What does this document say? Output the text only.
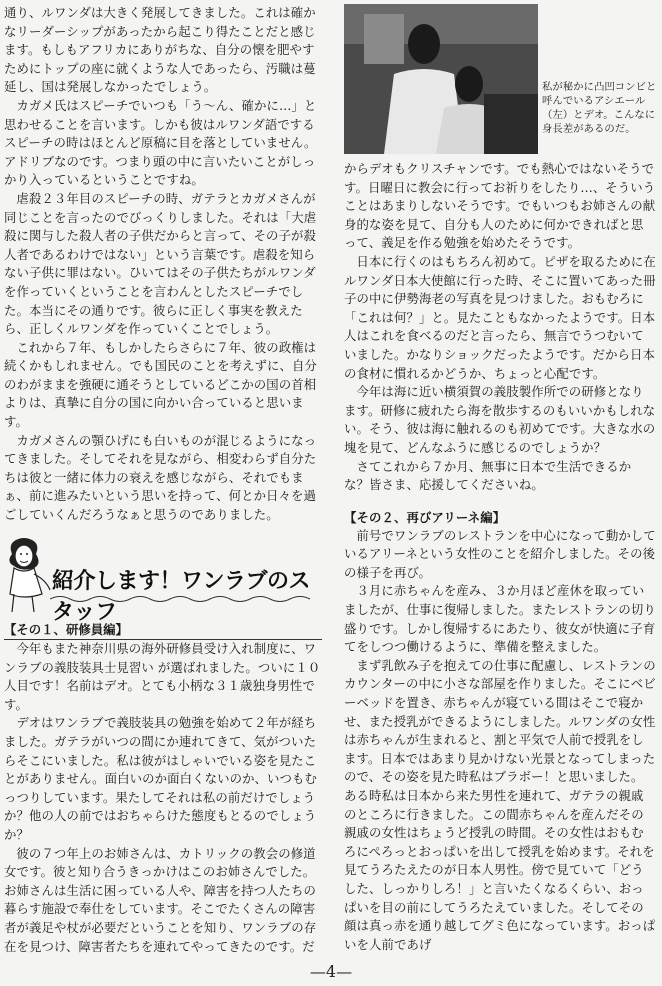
通り、ルワンダは大きく発展してきました。これは確かなリーダーシップがあったから起こり得たことだと感じます。もしもアフリカにありがちな、自分の懐を肥やすためにトップの座に就くような人であったら、汚職は蔓延し、国は発展しなかったでしょう。

カガメ氏はスピーチでいつも「う〜ん、確かに…」と思わせることを言います。しかも彼はルワンダ語でするスピーチの時はほとんど原稿に目を落としていません。アドリブなのです。つまり頭の中に言いたいことがしっかり入っているということですね。

虐殺２３年目のスピーチの時、ガテラとカガメさんが同じことを言ったのでびっくりしました。それは「大虐殺に関与した殺人者の子供だからと言って、その子が殺人者であるわけではない」という言葉です。虐殺を知らない子供に罪はない。ひいてはその子供たちがルワンダを作っていくということを言わんとしたスピーチでした。本当にその通りです。彼らに正しく事実を教えたら、正しくルワンダを作っていくことでしょう。

これから７年、もしかしたらさらに７年、彼の政権は続くかもしれません。でも国民のことを考えずに、自分のわがままを強硬に通そうとしているどこかの国の首相よりは、真摯に自分の国に向かい合っていると思います。

カガメさんの顎ひげにも白いものが混じるようになってきました。そしてそれを見ながら、相変わらず自分たちは彼と一緒に体力の衰えを感じながら、それでもまぁ、前に進みたいという思いを持って、何とか日々を過ごしていくんだろうなぁと思うのでありました。

紹介します！ワンラブのスタッフ
【その１、研修員編】

今年もまた神奈川県の海外研修員受け入れ制度に、ワンラブの義肢装具士見習い が選ばれました。ついに１０人目です！名前はデオ。とても小柄な３１歳独身男性です。

デオはワンラブで義肢装具の勉強を始めて２年が経ちました。ガテラがいつの間にか連れてきて、気がついたらそこにいました。私は彼がはしゃいでいる姿を見たことがありません。面白いのか面白くないのか、いつもむっつりしています。果たしてそれは私の前だけでしょうか？他の人の前ではおちゃらけた態度もとるのでしょうか？

彼の７つ年上のお姉さんは、カトリックの教会の修道女です。彼と知り合うきっかけはこのお姉さんでした。お姉さんは生活に困っている人や、障害を持つ人たちの暮らす施設で奉仕をしています。そこでたくさんの障害者が義足や杖が必要だということを知り、ワンラブの存在を見つけ、障害者たちを連れてやってきたのです。だ

私が秘かに凸凹コンビと呼んでいるアシエール（左）とデオ。こんなに身長差があるのだ。

からデオもクリスチャンです。でも熱心ではないそうです。日曜日に教会に行ってお祈りをしたり…、そういうことはあまりしないそうです。でもいつもお姉さんの献身的な姿を見て、自分も人のために何かできればと思って、義足を作る勉強を始めたそうです。

日本に行くのはもちろん初めて。ピザを取るために在ルワンダ日本大使館に行った時、そこに置いてあった冊子の中に伊勢海老の写真を見つけました。おもむろに「これは何？」と。見たこともなかったようです。日本人はこれを食べるのだと言ったら、無言でうつむいていました。かなりショックだったようです。だから日本の食材に慣れるかどうか、ちょっと心配です。

今年は海に近い横須賀の義肢製作所での研修となります。研修に疲れたら海を散歩するのもいいかもしれない。そう、彼は海に触れるのも初めてです。大きな水の塊を見て、どんなふうに感じるのでしょうか？

さてこれから７か月、無事に日本で生活できるかな？皆さま、応援してくださいね。

【その２、再びアリーネ編】

前号でワンラブのレストランを中心になって動かしているアリーネという女性のことを紹介しました。その後の様子を再び。

３月に赤ちゃんを産み、３か月ほど産休を取っていましたが、仕事に復帰しました。またレストランの切り盛りです。しかし復帰するにあたり、彼女が快適に子育てをしつつ働けるように、準備を整えました。

まず乳飲み子を抱えての仕事に配慮し、レストランのカウンターの中に小さな部屋を作りました。そこにベビーベッドを置き、赤ちゃんが寝ている間はそこで寝かせ、また授乳ができるようにしました。ルワンダの女性は赤ちゃんが生まれると、割と平気で人前で授乳をします。日本ではあまり見かけない光景となってしまったので、その姿を見た時私はブラボー！と思いました。ある時私は日本から来た男性を連れて、ガテラの親戚のところに行きました。この間赤ちゃんを産んだその親戚の女性はちょうど授乳の時間。その女性はおもむろにぺろっとおっぱいを出して授乳を始めます。それを見てうろたえたのが日本人男性。傍で見ていて「どうした、しっかりしろ！」と言いたくなるくらい、おっぱいを目の前にしてうろたえていました。そしてその顔は真っ赤を通り越してグミ色になっています。おっぱいを人前であげ

—4—
